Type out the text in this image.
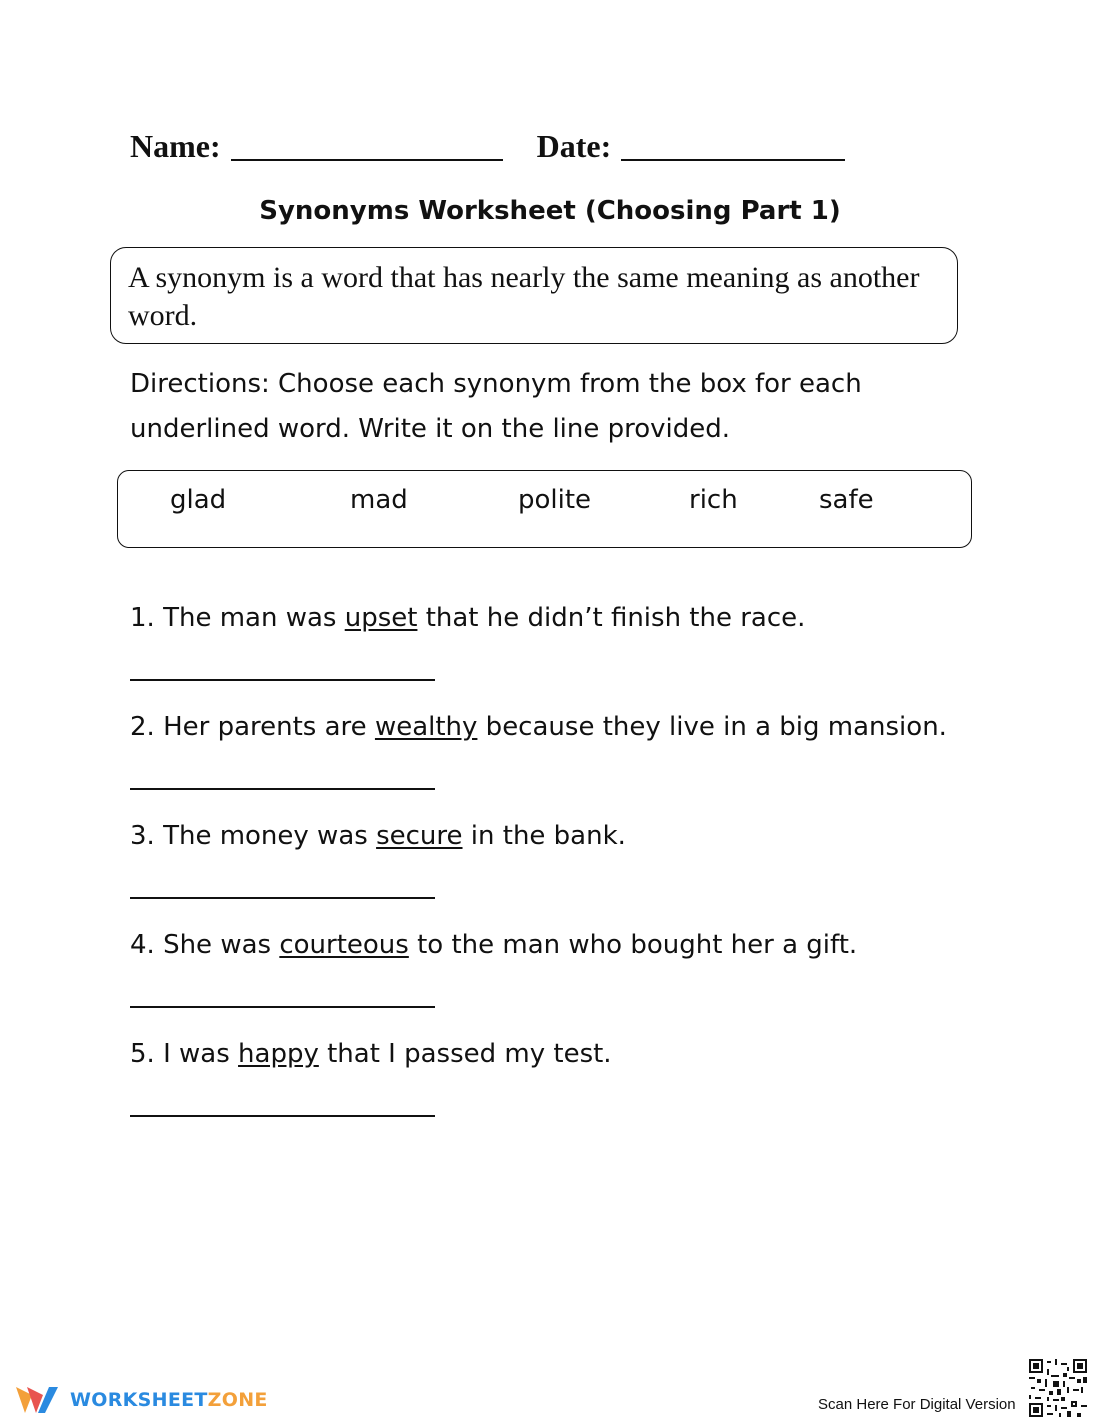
Name:	Date:
Synonyms Worksheet (Choosing Part 1)
A synonym is a word that has nearly the same meaning as another word.
Directions: Choose each synonym from the box for each underlined word. Write it on the line provided.
glad	mad	polite	rich	safe
1. The man was upset that he didn’t finish the race.
2. Her parents are wealthy because they live in a big mansion.
3. The money was secure in the bank.
4. She was courteous to the man who bought her a gift.
5. I was happy that I passed my test.
WORKSHEETZONE	Scan Here For Digital Version
